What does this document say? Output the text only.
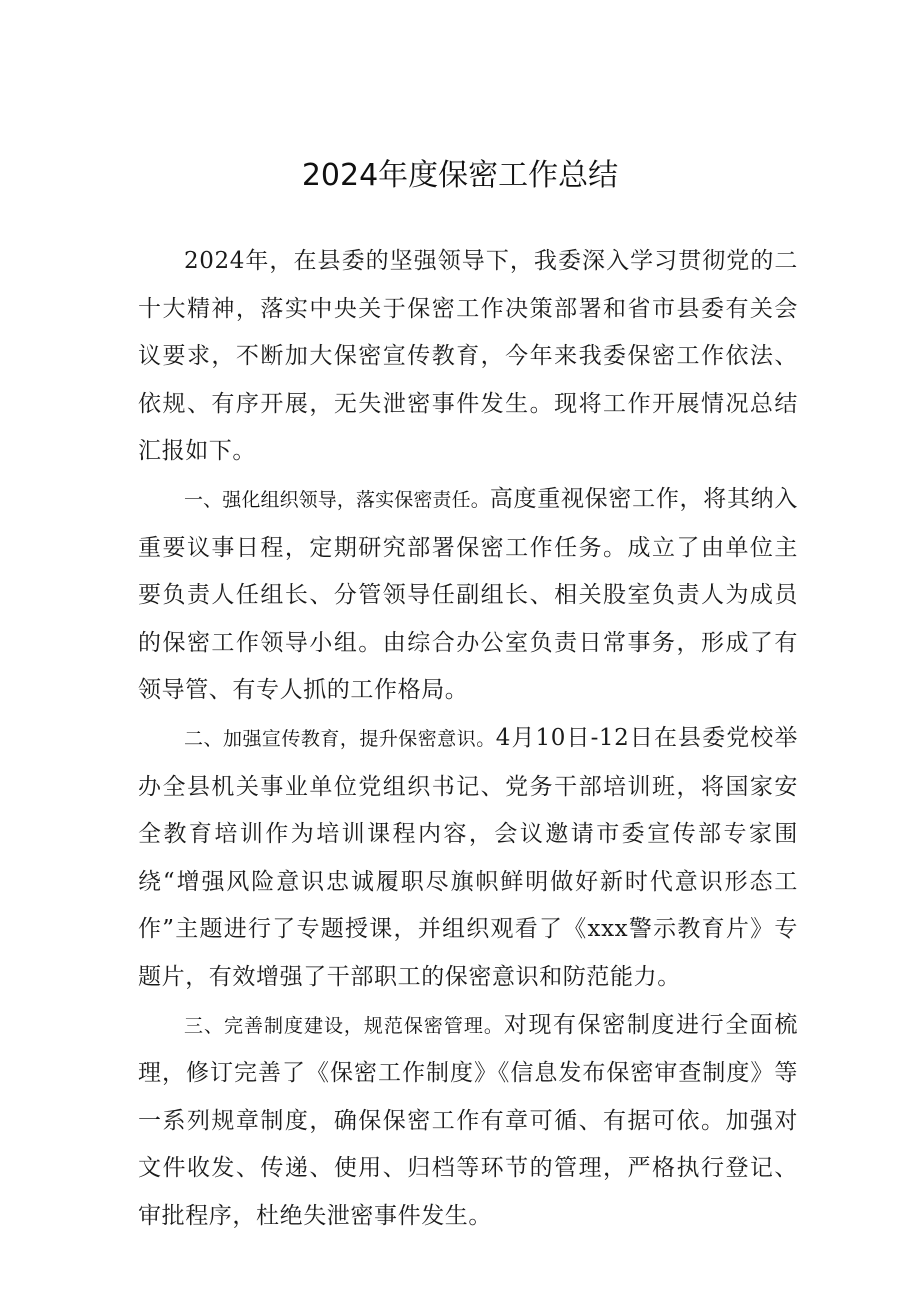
2024年度保密工作总结

2024年，在县委的坚强领导下，我委深入学习贯彻党的二十大精神，落实中央关于保密工作决策部署和省市县委有关会议要求，不断加大保密宣传教育，今年来我委保密工作依法、依规、有序开展，无失泄密事件发生。现将工作开展情况总结汇报如下。

一、强化组织领导，落实保密责任。高度重视保密工作，将其纳入重要议事日程，定期研究部署保密工作任务。成立了由单位主要负责人任组长、分管领导任副组长、相关股室负责人为成员的保密工作领导小组。由综合办公室负责日常事务，形成了有领导管、有专人抓的工作格局。

二、加强宣传教育，提升保密意识。4月10日-12日在县委党校举办全县机关事业单位党组织书记、党务干部培训班，将国家安全教育培训作为培训课程内容，会议邀请市委宣传部专家围绕“增强风险意识忠诚履职尽旗帜鲜明做好新时代意识形态工作”主题进行了专题授课，并组织观看了《xxx警示教育片》专题片，有效增强了干部职工的保密意识和防范能力。

三、完善制度建设，规范保密管理。对现有保密制度进行全面梳理，修订完善了《保密工作制度》《信息发布保密审查制度》等一系列规章制度，确保保密工作有章可循、有据可依。加强对文件收发、传递、使用、归档等环节的管理，严格执行登记、审批程序，杜绝失泄密事件发生。
